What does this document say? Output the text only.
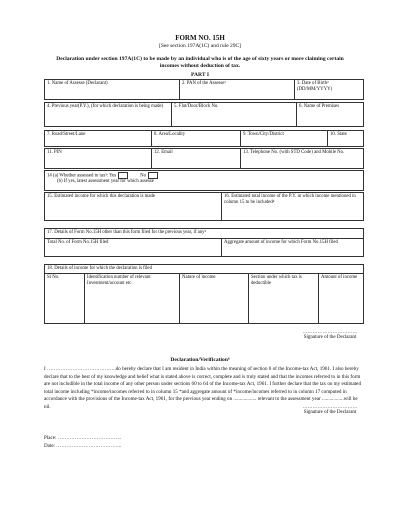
FORM NO. 15H
[See section 197A(1C) and rule 29C]
Declaration under section 197A(1C) to be made by an individual who is of the age of sixty years or more claiming certain incomes without deduction of tax.
PART I
1. Name of Assesse (Declarant)	2. PAN of the Assesse¹	3. Date of Birth² (DD/MM/YYYY)
4. Previous year(P.Y.), (for which declaration is being made)	5. Flat/Door/Block No.	6. Name of Premises
7. Road/Street/Lane	8. Area/Locality	9. Town/City/District	10. State
11. PIN	12. Email	13. Telephone No. (with STD Code) and Mobile No.
14 (a) Whether assessed to tax³: Yes	No
(b) If yes, latest assessment year for which assesse
15. Estimated income for which this declaration is made	16. Estimated total income of the P.Y. in which income mentioned in column 15 to be included⁴
17. Details of Form No.15H other than this form filed for the previous year, if any⁵
Total No. of Form No.15H filed	Aggregate amount of income for which Form No.15H filed
18. Details of income for which the declaration is filed
Sl No.	Identification number of relevant Investment/account etc.	Nature of income	Section under which tax is deductible	Amount of income
……………………………
Signature of the Declarant
Declaration/Verification⁶
I …………………………………..do hereby declare that I am resident in India within the meaning of section 6 of the Income-tax Act, 1961. I also hereby declare that to the best of my knowledge and belief what is stated above is correct, complete and is truly stated and that the incomes referred to in this form are not includible in the total income of any other person under sections 60 to 64 of the Income-tax Act, 1961. I further declare that the tax on my estimated total income including *income/incomes referred to in column 15 *and aggregate amount of *income/incomes referred to in column 17 computed in accordance with the provisions of the Income-tax Act, 1961, for the previous year ending on .................. relevant to the assessment year .................will be nil.	……………………………
Signature of the Declarant
Place: ………………………………..
Date: ………………………………...
